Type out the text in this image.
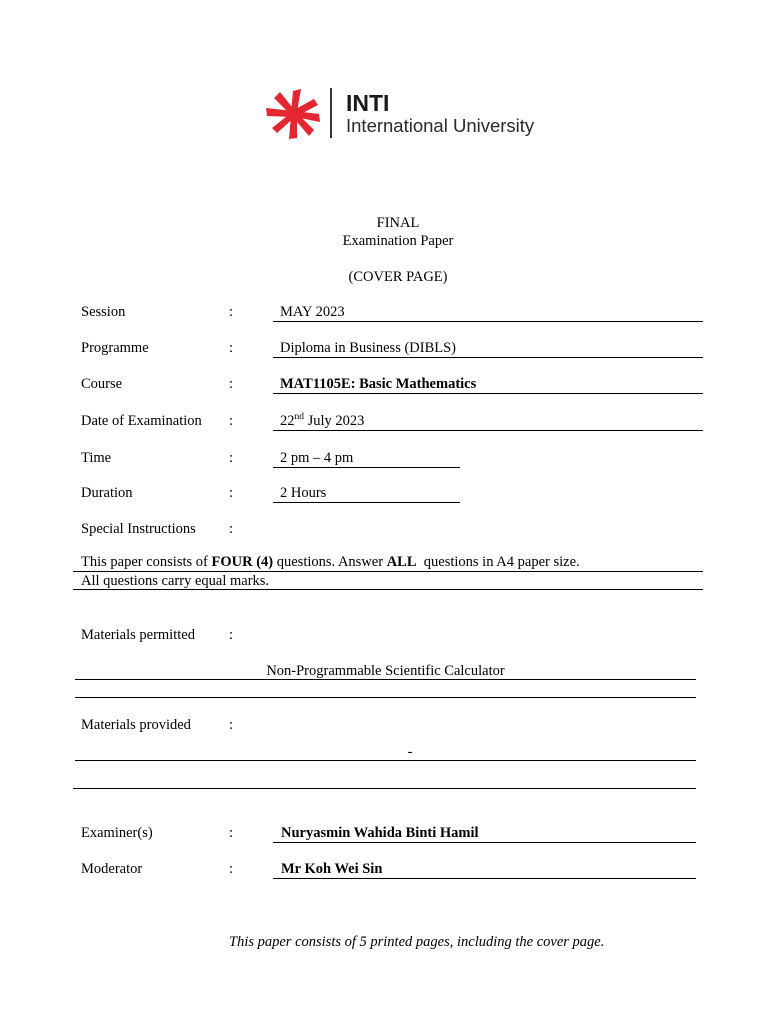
INTI
International University
FINAL
Examination Paper
(COVER PAGE)
Session	:	MAY 2023
Programme	:	Diploma in Business (DIBLS)
Course	:	MAT1105E: Basic Mathematics
Date of Examination :	22nd July 2023
Time	:	2 pm – 4 pm
Duration	:	2 Hours
Special Instructions :
This paper consists of FOUR (4) questions. Answer ALL  questions in A4 paper size.
All questions carry equal marks.
Materials permitted :
Non-Programmable Scientific Calculator
Materials provided	:
-
Examiner(s)	:	Nuryasmin Wahida Binti Hamil
Moderator	:	Mr Koh Wei Sin
This paper consists of 5 printed pages, including the cover page.
